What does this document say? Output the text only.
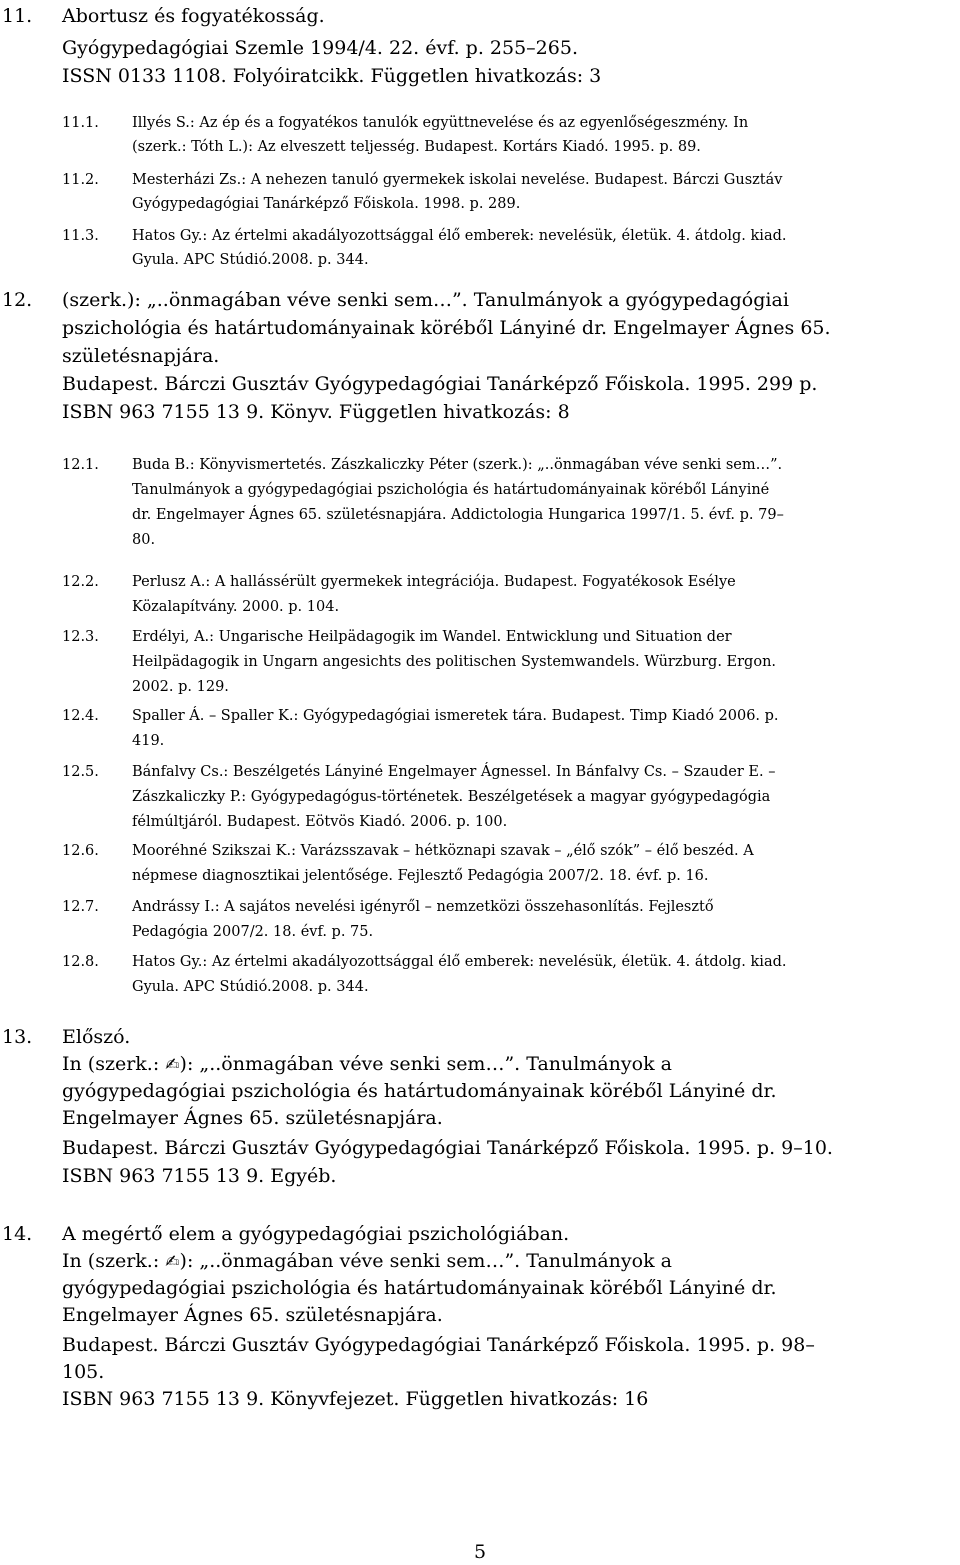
11. Abortusz és fogyatékosság.
Gyógypedagógiai Szemle 1994/4. 22. évf. p. 255–265.
ISSN 0133 1108. Folyóiratcikk. Független hivatkozás: 3
11.1. Illyés S.: Az ép és a fogyatékos tanulók együttnevelése és az egyenlőségeszmény. In
(szerk.: Tóth L.): Az elveszett teljesség. Budapest. Kortárs Kiadó. 1995. p. 89.
11.2. Mesterházi Zs.: A nehezen tanuló gyermekek iskolai nevelése. Budapest. Bárczi Gusztáv
Gyógypedagógiai Tanárképző Főiskola. 1998. p. 289.
11.3. Hatos Gy.: Az értelmi akadályozottsággal élő emberek: nevelésük, életük. 4. átdolg. kiad.
Gyula. APC Stúdió.2008. p. 344.
12. (szerk.): „..önmagában véve senki sem…”. Tanulmányok a gyógypedagógiai
pszichológia és határtudományainak köréből Lányiné dr. Engelmayer Ágnes 65.
születésnapjára.
Budapest. Bárczi Gusztáv Gyógypedagógiai Tanárképző Főiskola. 1995. 299 p.
ISBN 963 7155 13 9. Könyv. Független hivatkozás: 8
12.1. Buda B.: Könyvismertetés. Zászkaliczky Péter (szerk.): „..önmagában véve senki sem…”.
Tanulmányok a gyógypedagógiai pszichológia és határtudományainak köréből Lányiné
dr. Engelmayer Ágnes 65. születésnapjára. Addictologia Hungarica 1997/1. 5. évf. p. 79–
80.
12.2. Perlusz A.: A hallássérült gyermekek integrációja. Budapest. Fogyatékosok Esélye
Közalapítvány. 2000. p. 104.
12.3. Erdélyi, A.: Ungarische Heilpädagogik im Wandel. Entwicklung und Situation der
Heilpädagogik in Ungarn angesichts des politischen Systemwandels. Würzburg. Ergon.
2002. p. 129.
12.4. Spaller Á. – Spaller K.: Gyógypedagógiai ismeretek tára. Budapest. Timp Kiadó 2006. p.
419.
12.5. Bánfalvy Cs.: Beszélgetés Lányiné Engelmayer Ágnessel. In Bánfalvy Cs. – Szauder E. –
Zászkaliczky P.: Gyógypedagógus-történetek. Beszélgetések a magyar gyógypedagógia
félmúltjáról. Budapest. Eötvös Kiadó. 2006. p. 100.
12.6. Mooréhné Szikszai K.: Varázsszavak – hétköznapi szavak – „élő szók” – élő beszéd. A
népmese diagnosztikai jelentősége. Fejlesztő Pedagógia 2007/2. 18. évf. p. 16.
12.7. Andrássy I.: A sajátos nevelési igényről – nemzetközi összehasonlítás. Fejlesztő
Pedagógia 2007/2. 18. évf. p. 75.
12.8. Hatos Gy.: Az értelmi akadályozottsággal élő emberek: nevelésük, életük. 4. átdolg. kiad.
Gyula. APC Stúdió.2008. p. 344.
13. Előszó.
In (szerk.: ✍): „..önmagában véve senki sem…”. Tanulmányok a
gyógypedagógiai pszichológia és határtudományainak köréből Lányiné dr.
Engelmayer Ágnes 65. születésnapjára.
Budapest. Bárczi Gusztáv Gyógypedagógiai Tanárképző Főiskola. 1995. p. 9–10.
ISBN 963 7155 13 9. Egyéb.
14. A megértő elem a gyógypedagógiai pszichológiában.
In (szerk.: ✍): „..önmagában véve senki sem…”. Tanulmányok a
gyógypedagógiai pszichológia és határtudományainak köréből Lányiné dr.
Engelmayer Ágnes 65. születésnapjára.
Budapest. Bárczi Gusztáv Gyógypedagógiai Tanárképző Főiskola. 1995. p. 98–
105.
ISBN 963 7155 13 9. Könyvfejezet. Független hivatkozás: 16
5
